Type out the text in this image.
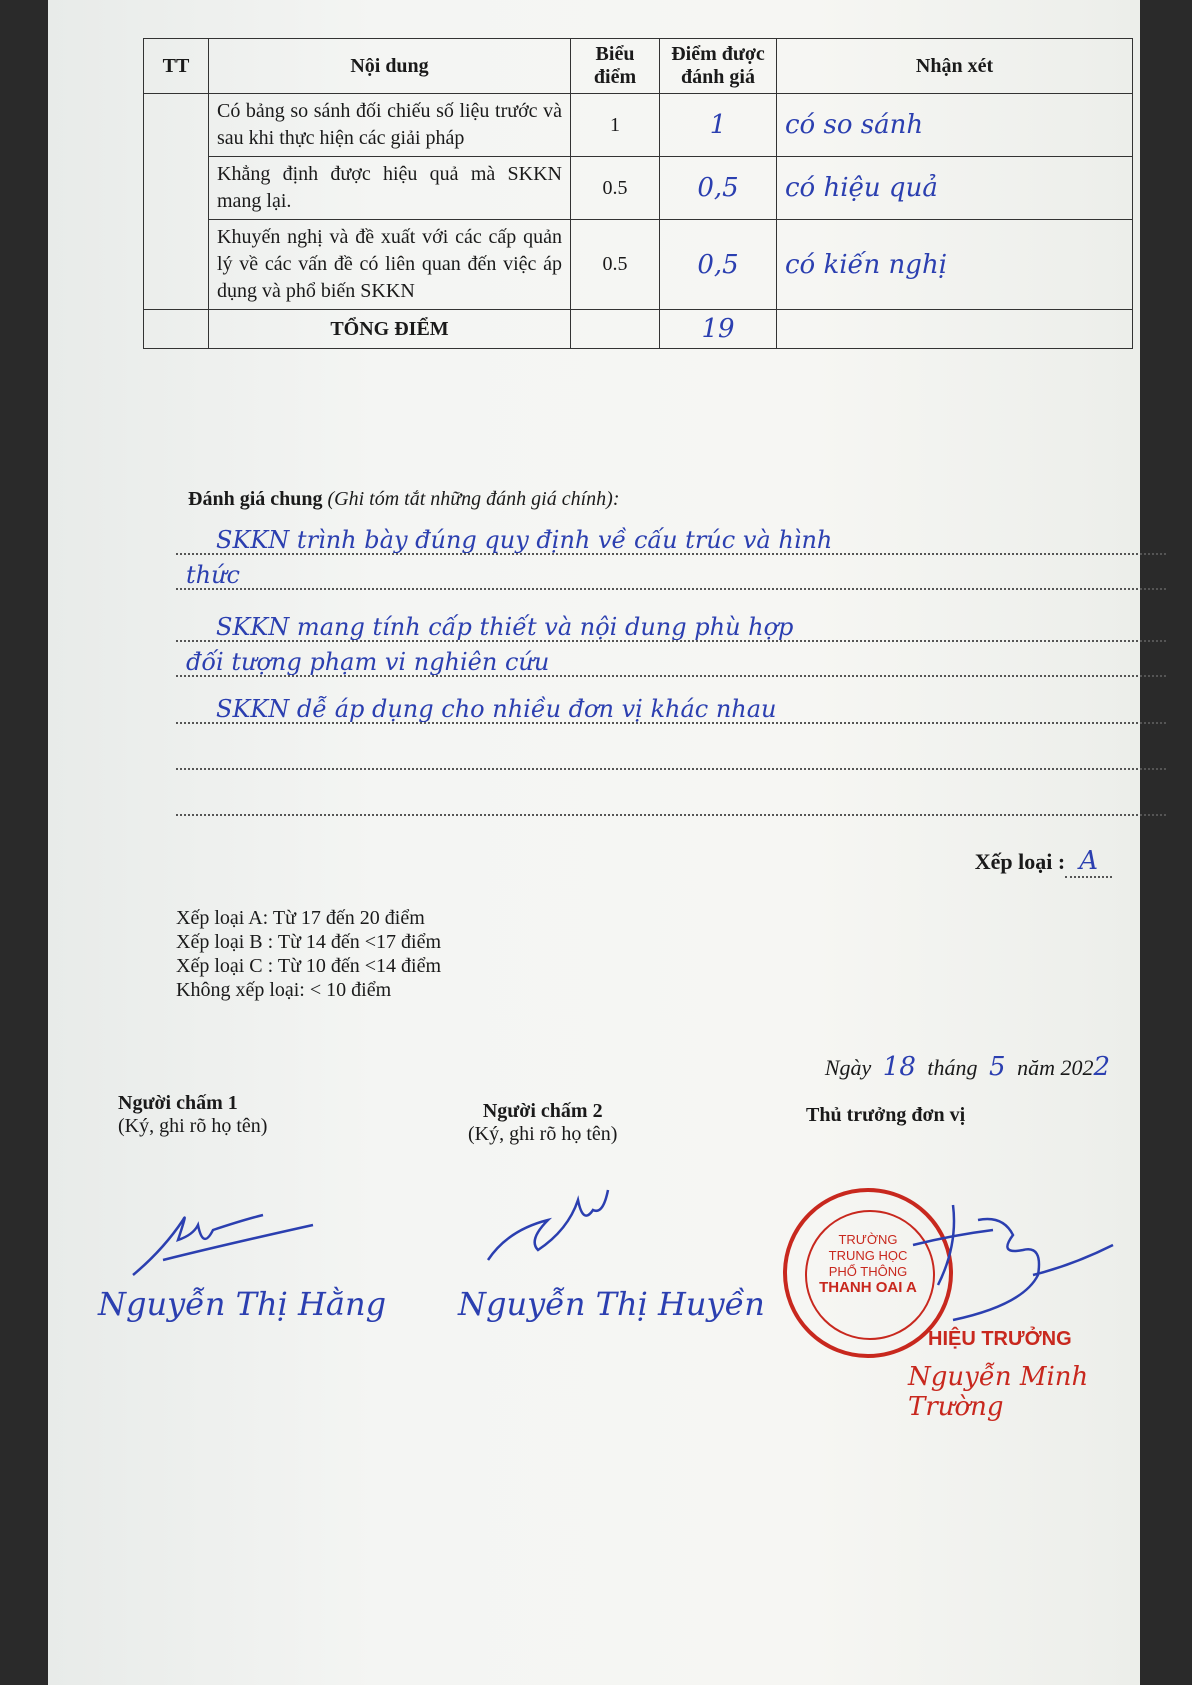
TT	Nội dung	Biểu điểm	Điểm được đánh giá	Nhận xét
	Có bảng so sánh đối chiếu số liệu trước và sau khi thực hiện các giải pháp	1	1	có so sánh
	Khẳng định được hiệu quả mà SKKN mang lại.	0.5	0,5	có hiệu quả
	Khuyến nghị và đề xuất với các cấp quản lý về các vấn đề có liên quan đến việc áp dụng và phổ biến SKKN	0.5	0,5	có kiến nghị
	TỔNG ĐIỂM		19	
Đánh giá chung (Ghi tóm tắt những đánh giá chính):
SKKN trình bày đúng quy định về cấu trúc và hình
thức
SKKN mang tính cấp thiết và nội dung phù hợp
đối tượng phạm vi nghiên cứu
SKKN dễ áp dụng cho nhiều đơn vị khác nhau
Xếp loại : A
Xếp loại A: Từ 17 đến 20 điểm
Xếp loại B : Từ 14 đến <17 điểm
Xếp loại C : Từ 10 đến <14 điểm
Không xếp loại: < 10 điểm
Ngày 18 tháng 5 năm 2022
Người chấm 1
(Ký, ghi rõ họ tên)
Người chấm 2
(Ký, ghi rõ họ tên)
Thủ trưởng đơn vị
Nguyễn Thị Hằng Nguyễn Thị Huyền
TRƯỜNG
TRUNG HỌC
PHỔ THÔNG
THANH OAI A
HIỆU TRƯỞNG
Nguyễn Minh Trường
